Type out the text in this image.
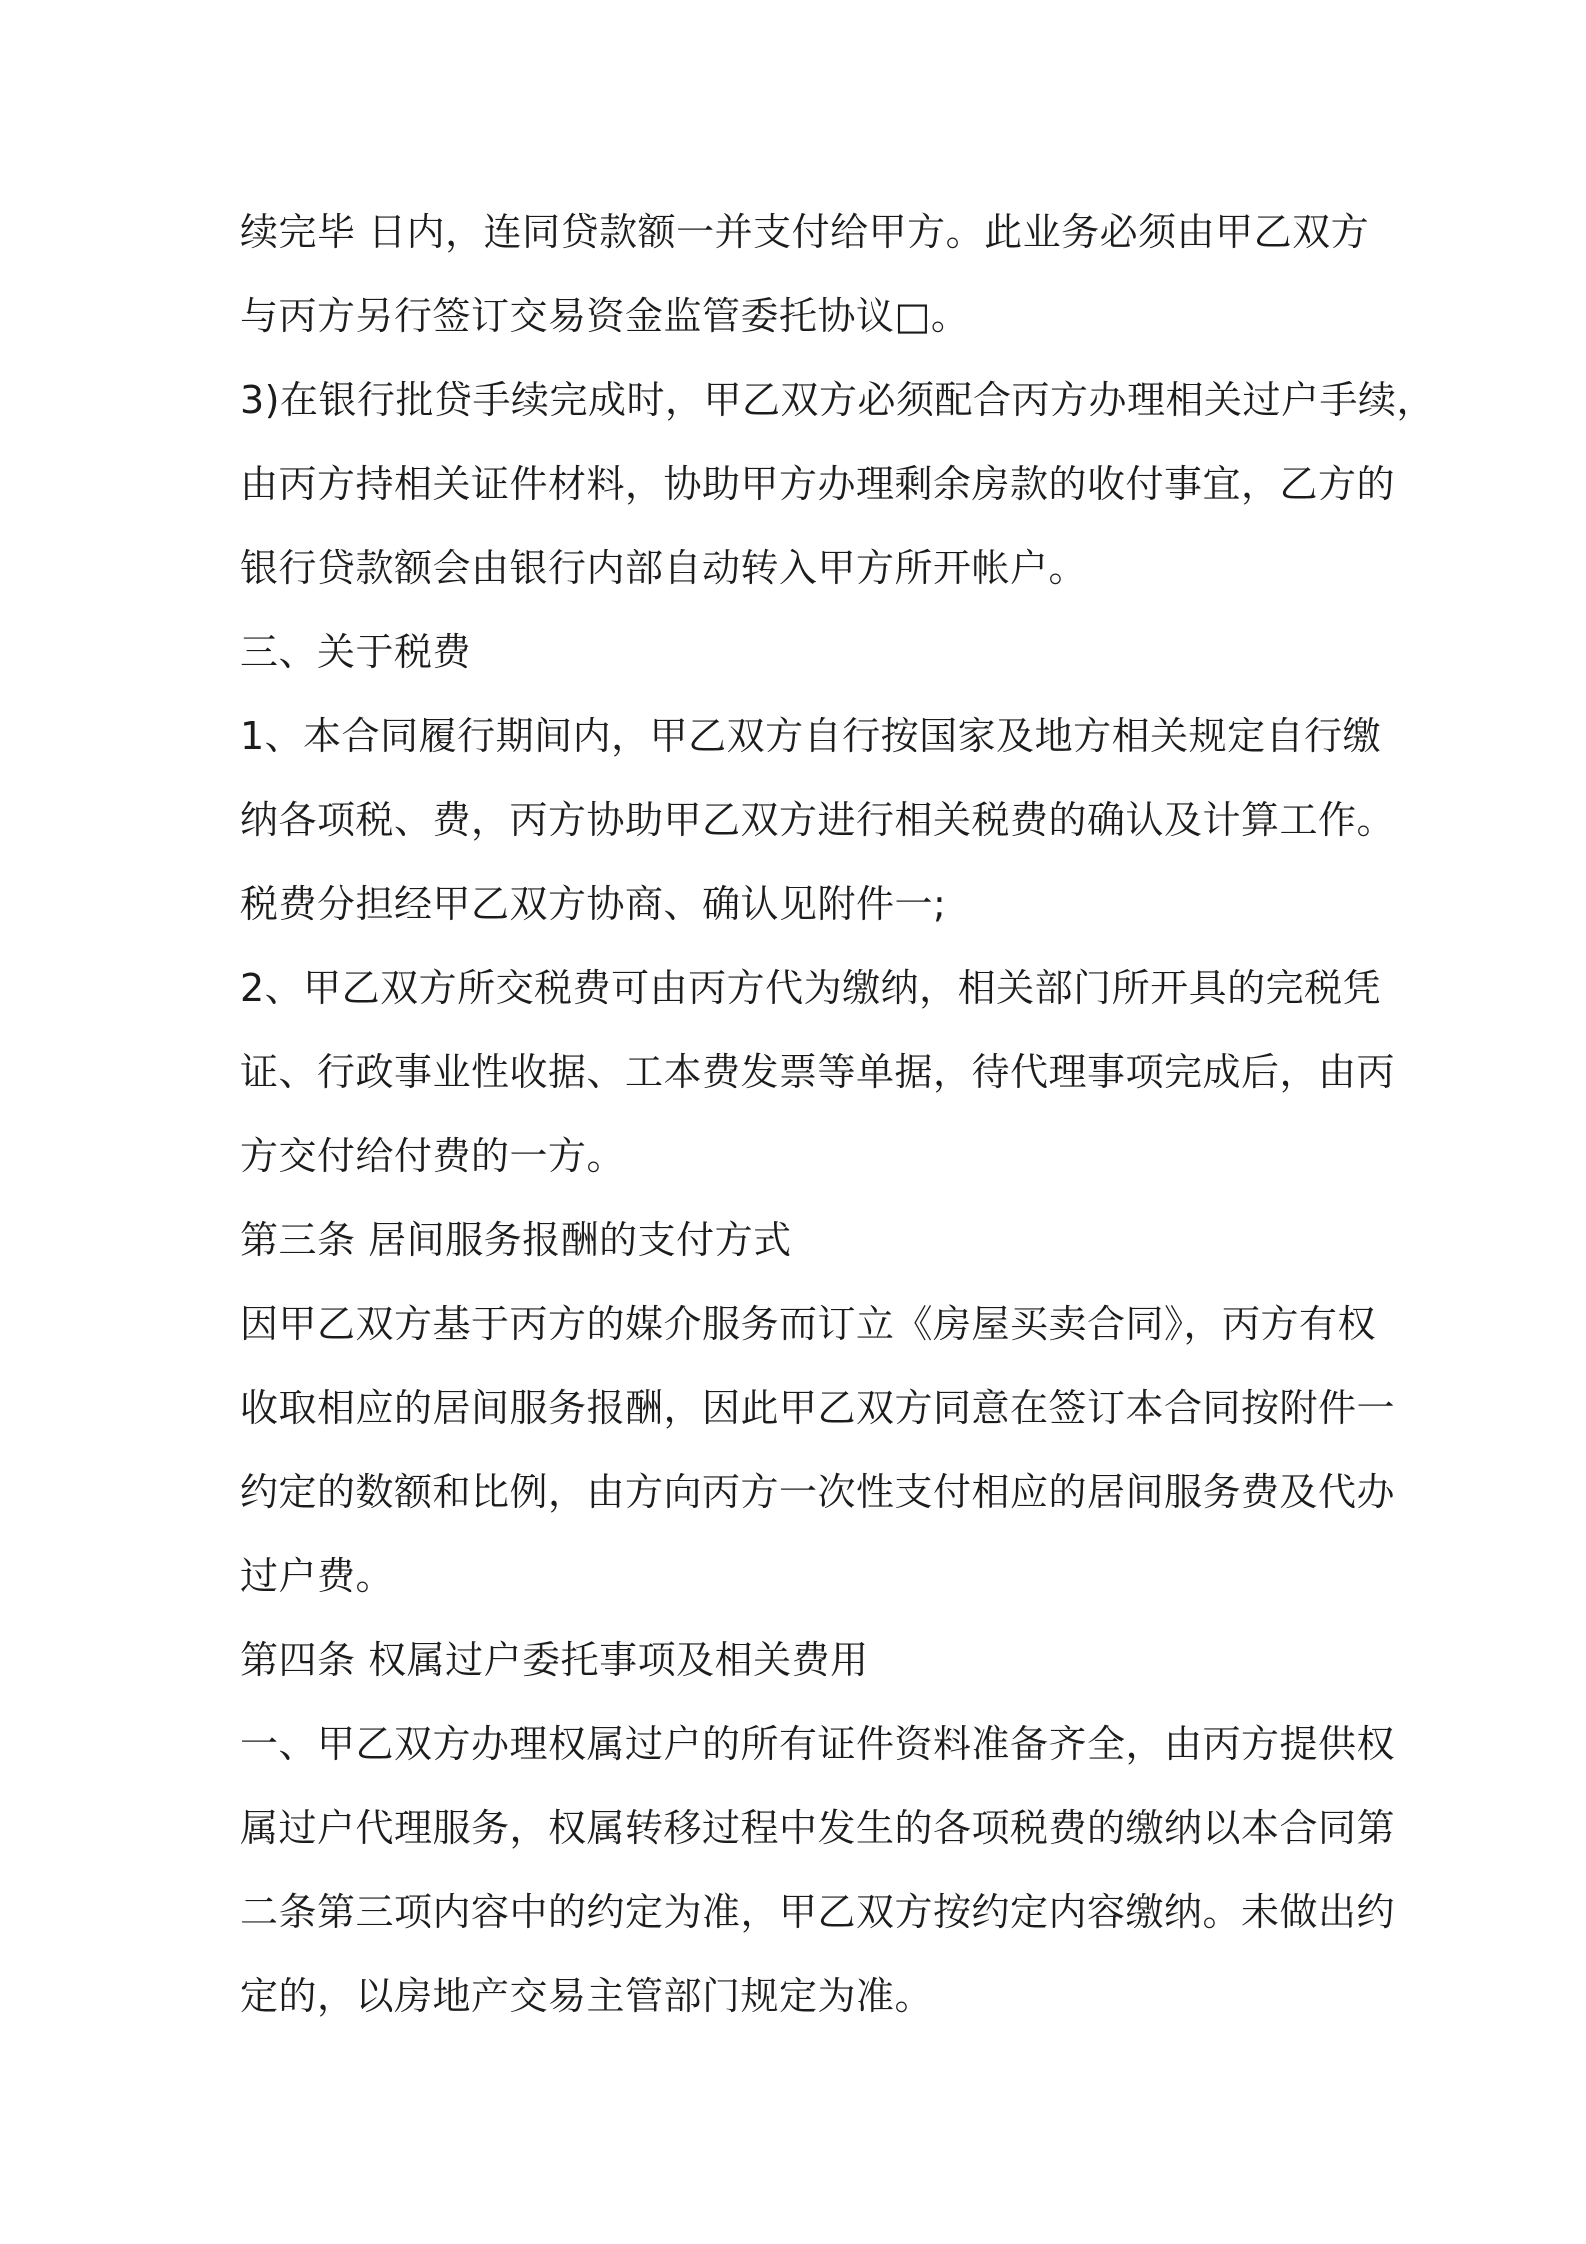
续完毕 日内，连同贷款额一并支付给甲方。此业务必须由甲乙双方
与丙方另行签订交易资金监管委托协议□。
3)在银行批贷手续完成时，甲乙双方必须配合丙方办理相关过户手续，
由丙方持相关证件材料，协助甲方办理剩余房款的收付事宜，乙方的
银行贷款额会由银行内部自动转入甲方所开帐户。
三、关于税费
1、本合同履行期间内，甲乙双方自行按国家及地方相关规定自行缴
纳各项税、费，丙方协助甲乙双方进行相关税费的确认及计算工作。
税费分担经甲乙双方协商、确认见附件一;
2、甲乙双方所交税费可由丙方代为缴纳，相关部门所开具的完税凭
证、行政事业性收据、工本费发票等单据，待代理事项完成后，由丙
方交付给付费的一方。
第三条 居间服务报酬的支付方式
因甲乙双方基于丙方的媒介服务而订立《房屋买卖合同》，丙方有权
收取相应的居间服务报酬，因此甲乙双方同意在签订本合同按附件一
约定的数额和比例，由方向丙方一次性支付相应的居间服务费及代办
过户费。
第四条 权属过户委托事项及相关费用
一、甲乙双方办理权属过户的所有证件资料准备齐全，由丙方提供权
属过户代理服务，权属转移过程中发生的各项税费的缴纳以本合同第
二条第三项内容中的约定为准，甲乙双方按约定内容缴纳。未做出约
定的，以房地产交易主管部门规定为准。
